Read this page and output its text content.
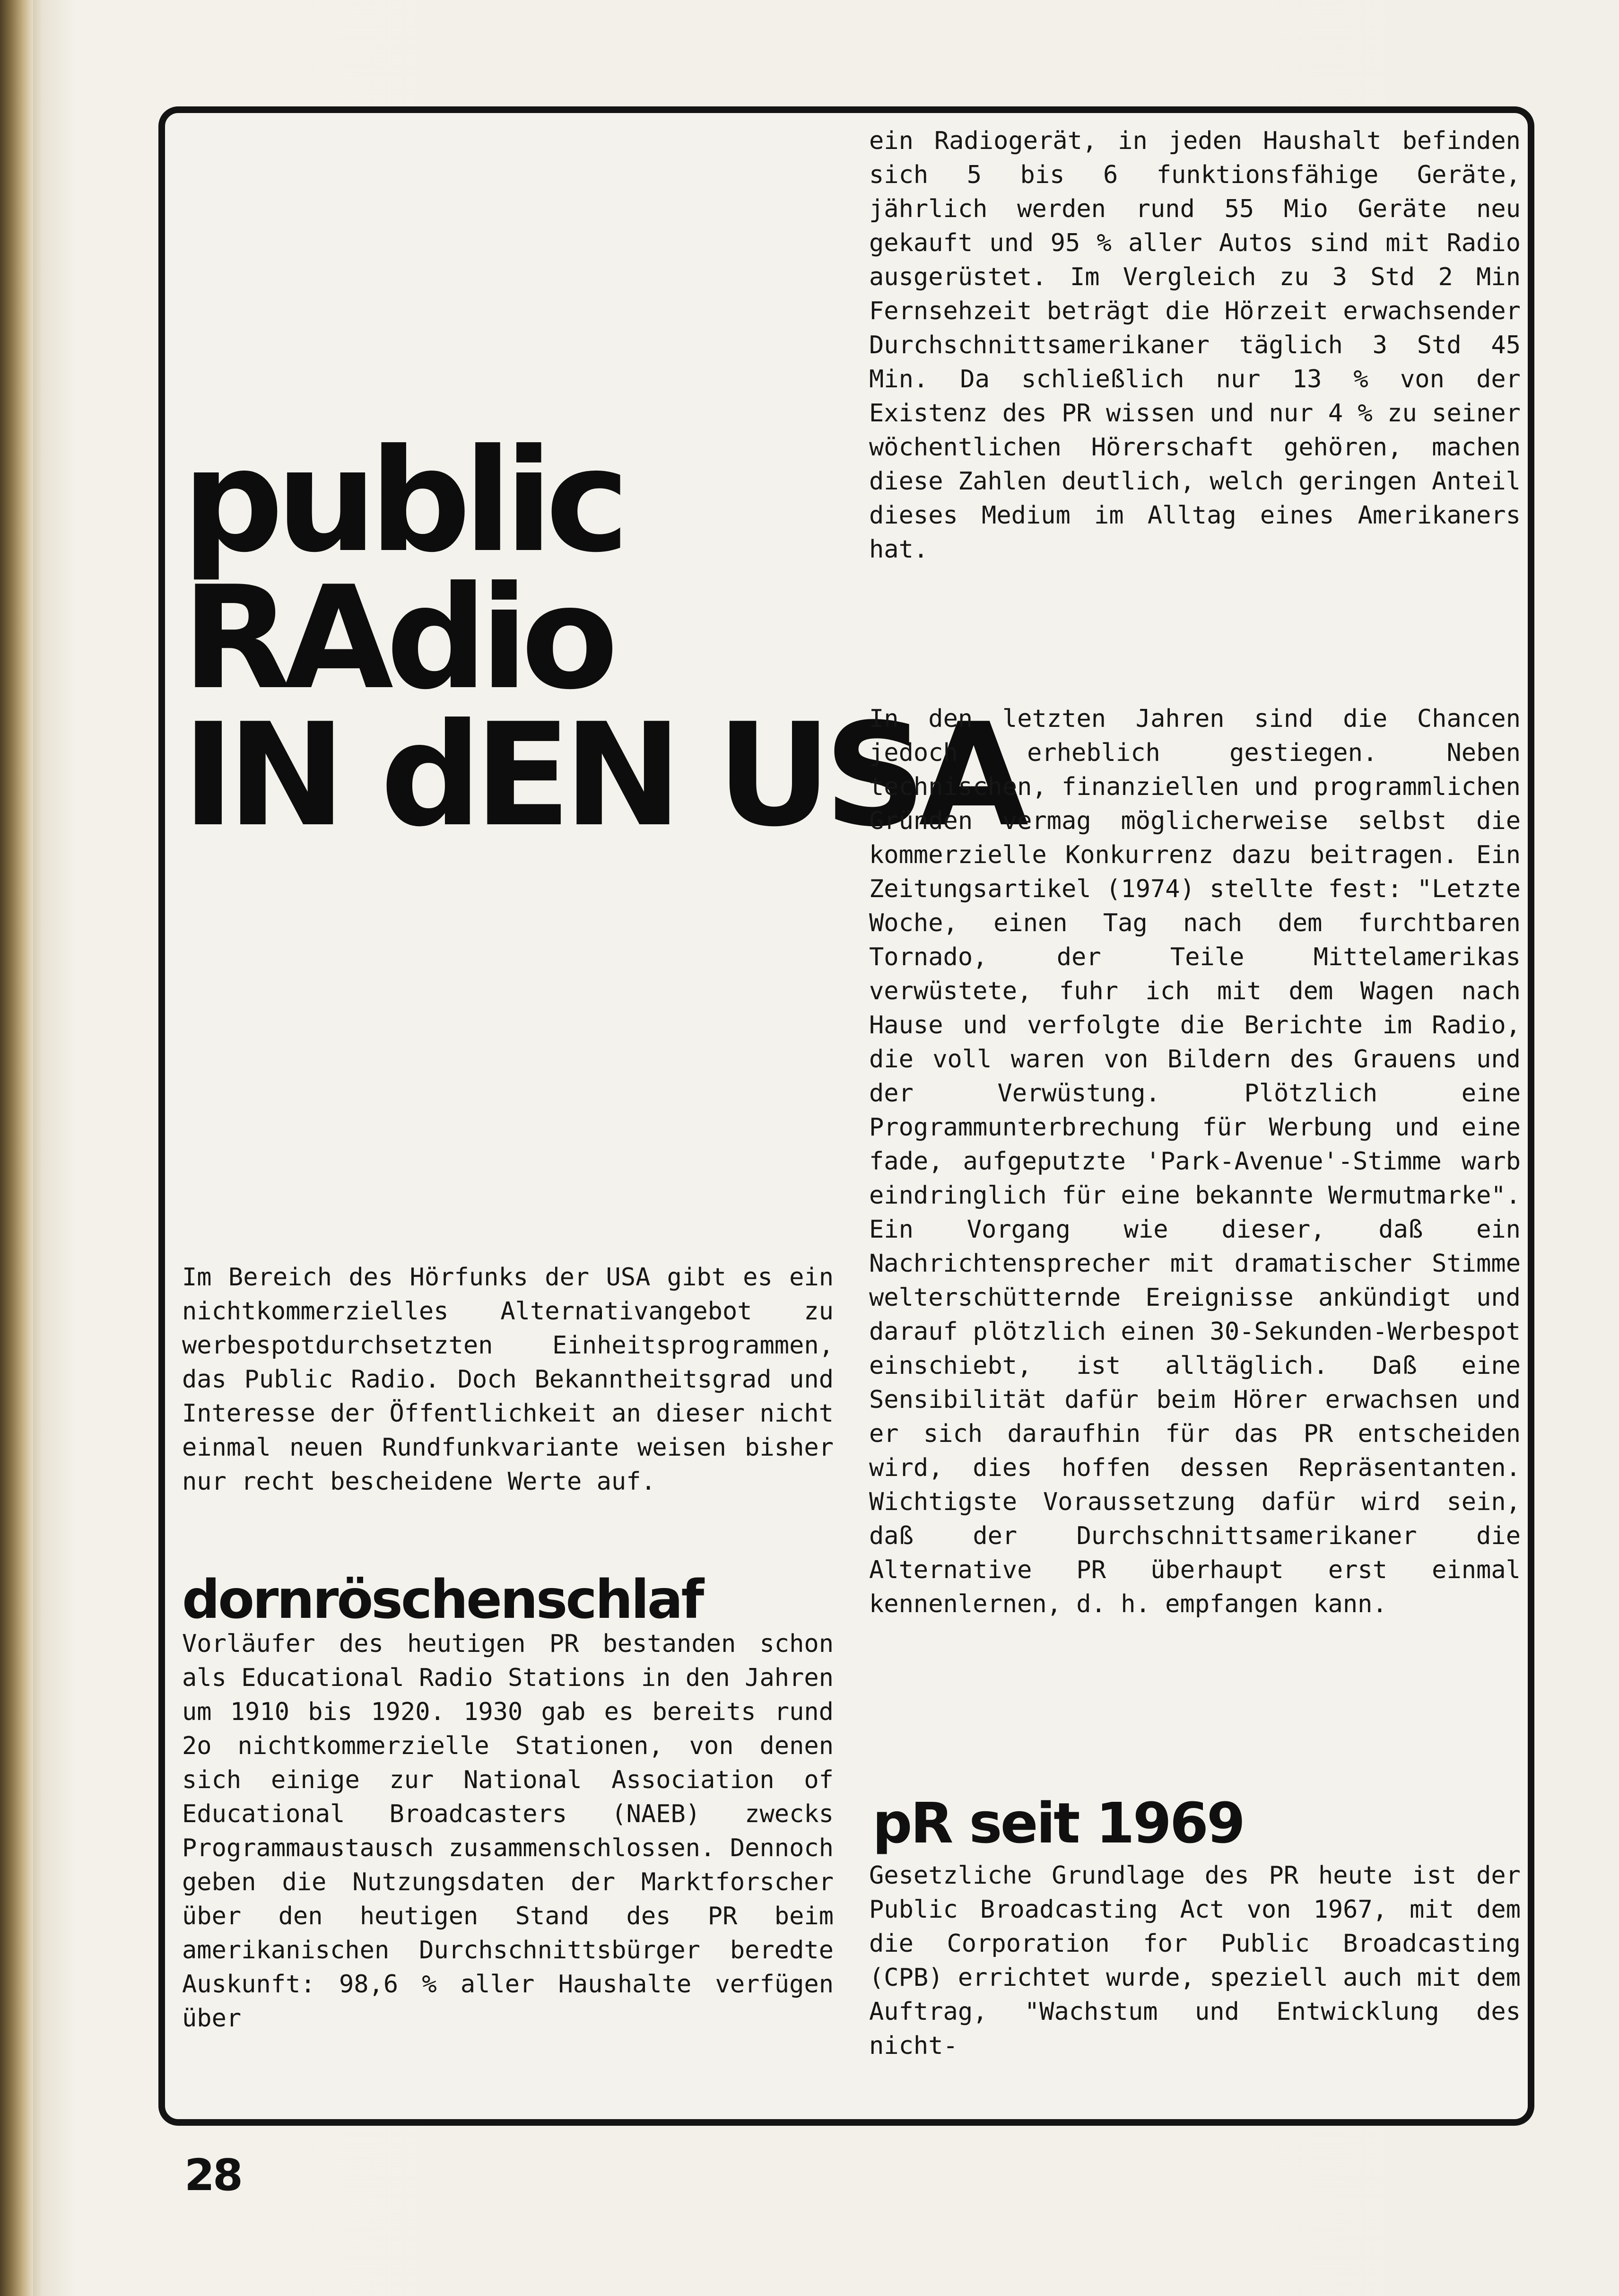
public
RAdio
IN dEN USA

Im Bereich des Hörfunks der USA gibt es ein nichtkommerzielles Alternativangebot zu werbespotdurchsetzten Einheitsprogrammen, das Public Radio. Doch Bekanntheitsgrad und Interesse der Öffentlichkeit an dieser nicht einmal neuen Rundfunkvariante weisen bisher nur recht bescheidene Werte auf.

dornröschenschlaf

Vorläufer des heutigen PR bestanden schon als Educational Radio Stations in den Jahren um 1910 bis 1920. 1930 gab es bereits rund 2o nichtkommerzielle Stationen, von denen sich einige zur National Association of Educational Broadcasters (NAEB) zwecks Programmaustausch zusammenschlossen. Dennoch geben die Nutzungsdaten der Marktforscher über den heutigen Stand des PR beim amerikanischen Durchschnittsbürger beredte Auskunft: 98,6 % aller Haushalte verfügen über

ein Radiogerät, in jeden Haushalt befinden sich 5 bis 6 funktionsfähige Geräte, jährlich werden rund 55 Mio Geräte neu gekauft und 95 % aller Autos sind mit Radio ausgerüstet. Im Vergleich zu 3 Std 2 Min Fernsehzeit beträgt die Hörzeit erwachsender Durchschnittsamerikaner täglich 3 Std 45 Min. Da schließlich nur 13 % von der Existenz des PR wissen und nur 4 % zu seiner wöchentlichen Hörerschaft gehören, machen diese Zahlen deutlich, welch geringen Anteil dieses Medium im Alltag eines Amerikaners hat.

In den letzten Jahren sind die Chancen jedoch erheblich gestiegen. Neben technischen, finanziellen und programmlichen Gründen vermag möglicherweise selbst die kommerzielle Konkurrenz dazu beitragen. Ein Zeitungsartikel (1974) stellte fest: "Letzte Woche, einen Tag nach dem furchtbaren Tornado, der Teile Mittelamerikas verwüstete, fuhr ich mit dem Wagen nach Hause und verfolgte die Berichte im Radio, die voll waren von Bildern des Grauens und der Verwüstung. Plötzlich eine Programmunterbrechung für Werbung und eine fade, aufgeputzte 'Park-Avenue'-Stimme warb eindringlich für eine bekannte Wermutmarke". Ein Vorgang wie dieser, daß ein Nachrichtensprecher mit dramatischer Stimme welterschütternde Ereignisse ankündigt und darauf plötzlich einen 30-Sekunden-Werbespot einschiebt, ist alltäglich. Daß eine Sensibilität dafür beim Hörer erwachsen und er sich daraufhin für das PR entscheiden wird, dies hoffen dessen Repräsentanten. Wichtigste Voraussetzung dafür wird sein, daß der Durchschnittsamerikaner die Alternative PR überhaupt erst einmal kennenlernen, d. h. empfangen kann.

pR seit 1969

Gesetzliche Grundlage des PR heute ist der Public Broadcasting Act von 1967, mit dem die Corporation for Public Broadcasting (CPB) errichtet wurde, speziell auch mit dem Auftrag, "Wachstum und Entwicklung des nicht-

28
